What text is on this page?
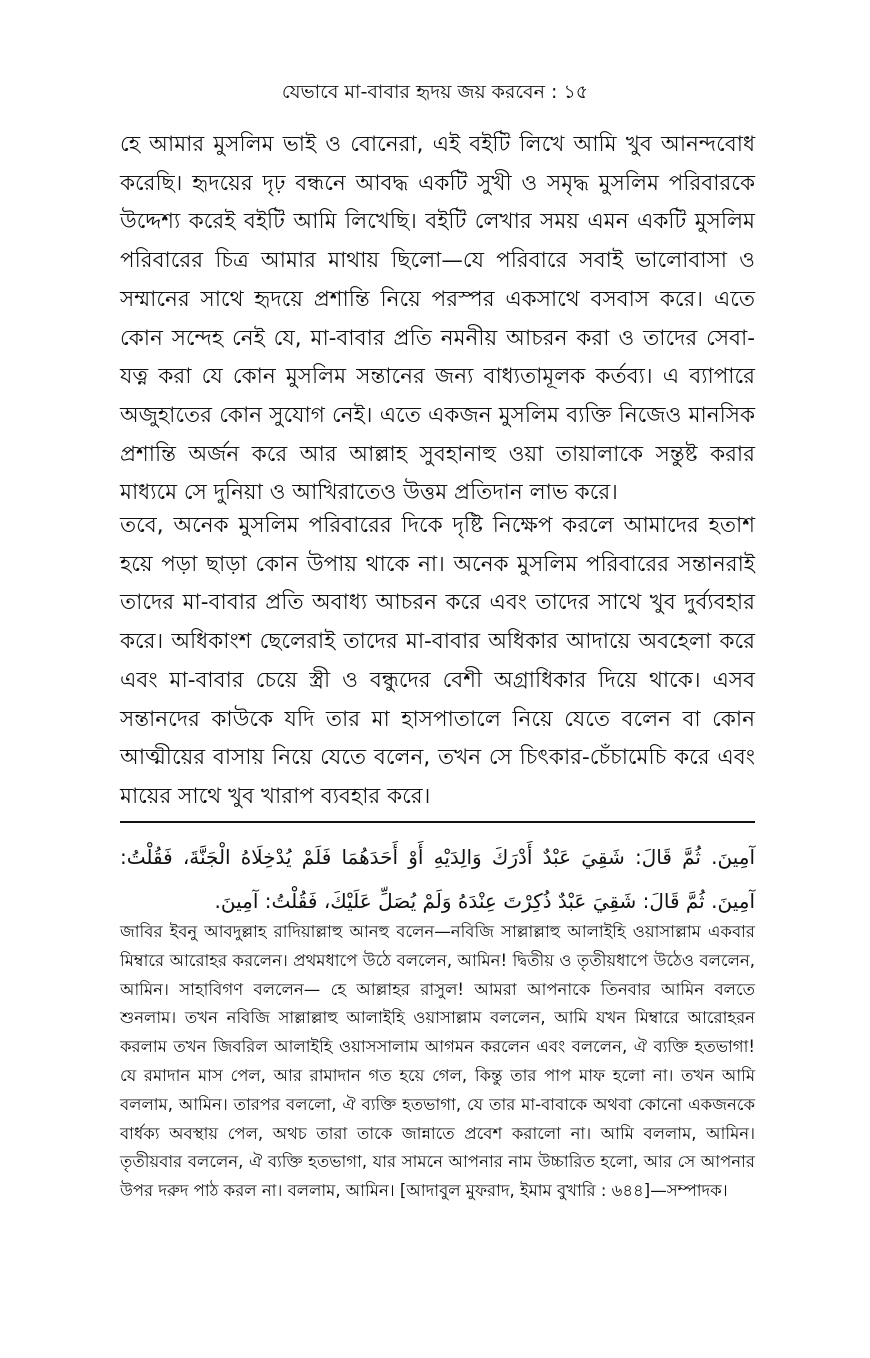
যেভাবে মা-বাবার হৃদয় জয় করবেন : ১৫

হে আমার মুসলিম ভাই ও বোনেরা, এই বইটি লিখে আমি খুব আনন্দবোধ করেছি। হৃদয়ের দৃঢ় বন্ধনে আবদ্ধ একটি সুখী ও সমৃদ্ধ মুসলিম পরিবারকে উদ্দেশ্য করেই বইটি আমি লিখেছি। বইটি লেখার সময় এমন একটি মুসলিম পরিবারের চিত্র আমার মাথায় ছিলো—যে পরিবারে সবাই ভালোবাসা ও সম্মানের সাথে হৃদয়ে প্রশান্তি নিয়ে পরস্পর একসাথে বসবাস করে। এতে কোন সন্দেহ নেই যে, মা-বাবার প্রতি নমনীয় আচরন করা ও তাদের সেবা-যত্ন করা যে কোন মুসলিম সন্তানের জন্য বাধ্যতামূলক কর্তব্য। এ ব্যাপারে অজুহাতের কোন সুযোগ নেই। এতে একজন মুসলিম ব্যক্তি নিজেও মানসিক প্রশান্তি অর্জন করে আর আল্লাহ সুবহানাহু ওয়া তায়ালাকে সন্তুষ্ট করার মাধ্যমে সে দুনিয়া ও আখিরাতেও উত্তম প্রতিদান লাভ করে।

তবে, অনেক মুসলিম পরিবারের দিকে দৃষ্টি নিক্ষেপ করলে আমাদের হতাশ হয়ে পড়া ছাড়া কোন উপায় থাকে না। অনেক মুসলিম পরিবারের সন্তানরাই তাদের মা-বাবার প্রতি অবাধ্য আচরন করে এবং তাদের সাথে খুব দুর্ব্যবহার করে। অধিকাংশ ছেলেরাই তাদের মা-বাবার অধিকার আদায়ে অবহেলা করে এবং মা-বাবার চেয়ে স্ত্রী ও বন্ধুদের বেশী অগ্রাধিকার দিয়ে থাকে। এসব সন্তানদের কাউকে যদি তার মা হাসপাতালে নিয়ে যেতে বলেন বা কোন আত্মীয়ের বাসায় নিয়ে যেতে বলেন, তখন সে চিৎকার-চেঁচামেচি করে এবং মায়ের সাথে খুব খারাপ ব্যবহার করে।

آمِينَ. ثُمَّ قَالَ: شَقِيَ عَبْدٌ أَدْرَكَ وَالِدَيْهِ أَوْ أَحَدَهُمَا فَلَمْ يُدْخِلَاهُ الْجَنَّةَ، فَقُلْتُ: آمِينَ. ثُمَّ قَالَ: شَقِيَ عَبْدٌ ذُكِرْتَ عِنْدَهُ وَلَمْ يُصَلِّ عَلَيْكَ، فَقُلْتُ: آمِينَ.

জাবির ইবনু আবদুল্লাহ রাদিয়াল্লাহু আনহু বলেন—নবিজি সাল্লাল্লাহু আলাইহি ওয়াসাল্লাম একবার মিম্বারে আরোহর করলেন। প্রথমধাপে উঠে বললেন, আমিন! দ্বিতীয় ও তৃতীয়ধাপে উঠেও বললেন, আমিন। সাহাবিগণ বললেন— হে আল্লাহর রাসুল! আমরা আপনাকে তিনবার আমিন বলতে শুনলাম। তখন নবিজি সাল্লাল্লাহু আলাইহি ওয়াসাল্লাম বললেন, আমি যখন মিম্বারে আরোহরন করলাম তখন জিবরিল আলাইহি ওয়াসসালাম আগমন করলেন এবং বললেন, ঐ ব্যক্তি হতভাগা! যে রমাদান মাস পেল, আর রামাদান গত হয়ে গেল, কিন্তু তার পাপ মাফ হলো না। তখন আমি বললাম, আমিন। তারপর বললো, ঐ ব্যক্তি হতভাগা, যে তার মা-বাবাকে অথবা কোনো একজনকে বার্ধক্য অবস্থায় পেল, অথচ তারা তাকে জান্নাতে প্রবেশ করালো না। আমি বললাম, আমিন। তৃতীয়বার বললেন, ঐ ব্যক্তি হতভাগা, যার সামনে আপনার নাম উচ্চারিত হলো, আর সে আপনার উপর দরুদ পাঠ করল না। বললাম, আমিন। [আদাবুল মুফরাদ, ইমাম বুখারি : ৬৪৪]—সম্পাদক।
